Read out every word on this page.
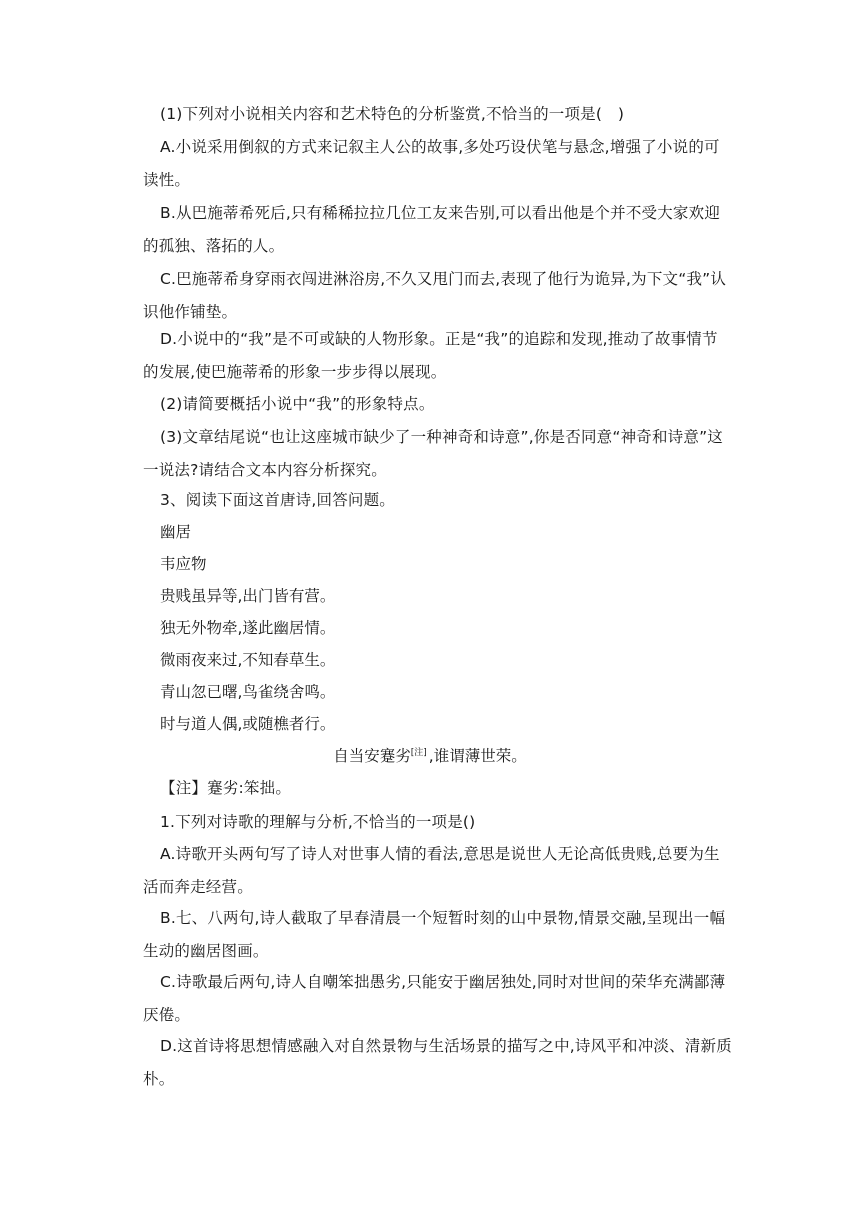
(1)下列对小说相关内容和艺术特色的分析鉴赏,不恰当的一项是(　)

A.小说采用倒叙的方式来记叙主人公的故事,多处巧设伏笔与悬念,增强了小说的可读性。

B.从巴施蒂希死后,只有稀稀拉拉几位工友来告别,可以看出他是个并不受大家欢迎的孤独、落拓的人。

C.巴施蒂希身穿雨衣闯进淋浴房,不久又甩门而去,表现了他行为诡异,为下文“我”认识他作铺垫。

D.小说中的“我”是不可或缺的人物形象。正是“我”的追踪和发现,推动了故事情节的发展,使巴施蒂希的形象一步步得以展现。

(2)请简要概括小说中“我”的形象特点。

(3)文章结尾说“也让这座城市缺少了一种神奇和诗意”,你是否同意“神奇和诗意”这一说法?请结合文本内容分析探究。

3、阅读下面这首唐诗,回答问题。

幽居

韦应物

贵贱虽异等,出门皆有营。

独无外物牵,遂此幽居情。

微雨夜来过,不知春草生。

青山忽已曙,鸟雀绕舍鸣。

时与道人偶,或随樵者行。

自当安蹇劣[注] ,谁谓薄世荣。

【注】蹇劣:笨拙。

1.下列对诗歌的理解与分析,不恰当的一项是()

A.诗歌开头两句写了诗人对世事人情的看法,意思是说世人无论高低贵贱,总要为生活而奔走经营。

B.七、八两句,诗人截取了早春清晨一个短暂时刻的山中景物,情景交融,呈现出一幅生动的幽居图画。

C.诗歌最后两句,诗人自嘲笨拙愚劣,只能安于幽居独处,同时对世间的荣华充满鄙薄厌倦。

D.这首诗将思想情感融入对自然景物与生活场景的描写之中,诗风平和冲淡、清新质朴。
